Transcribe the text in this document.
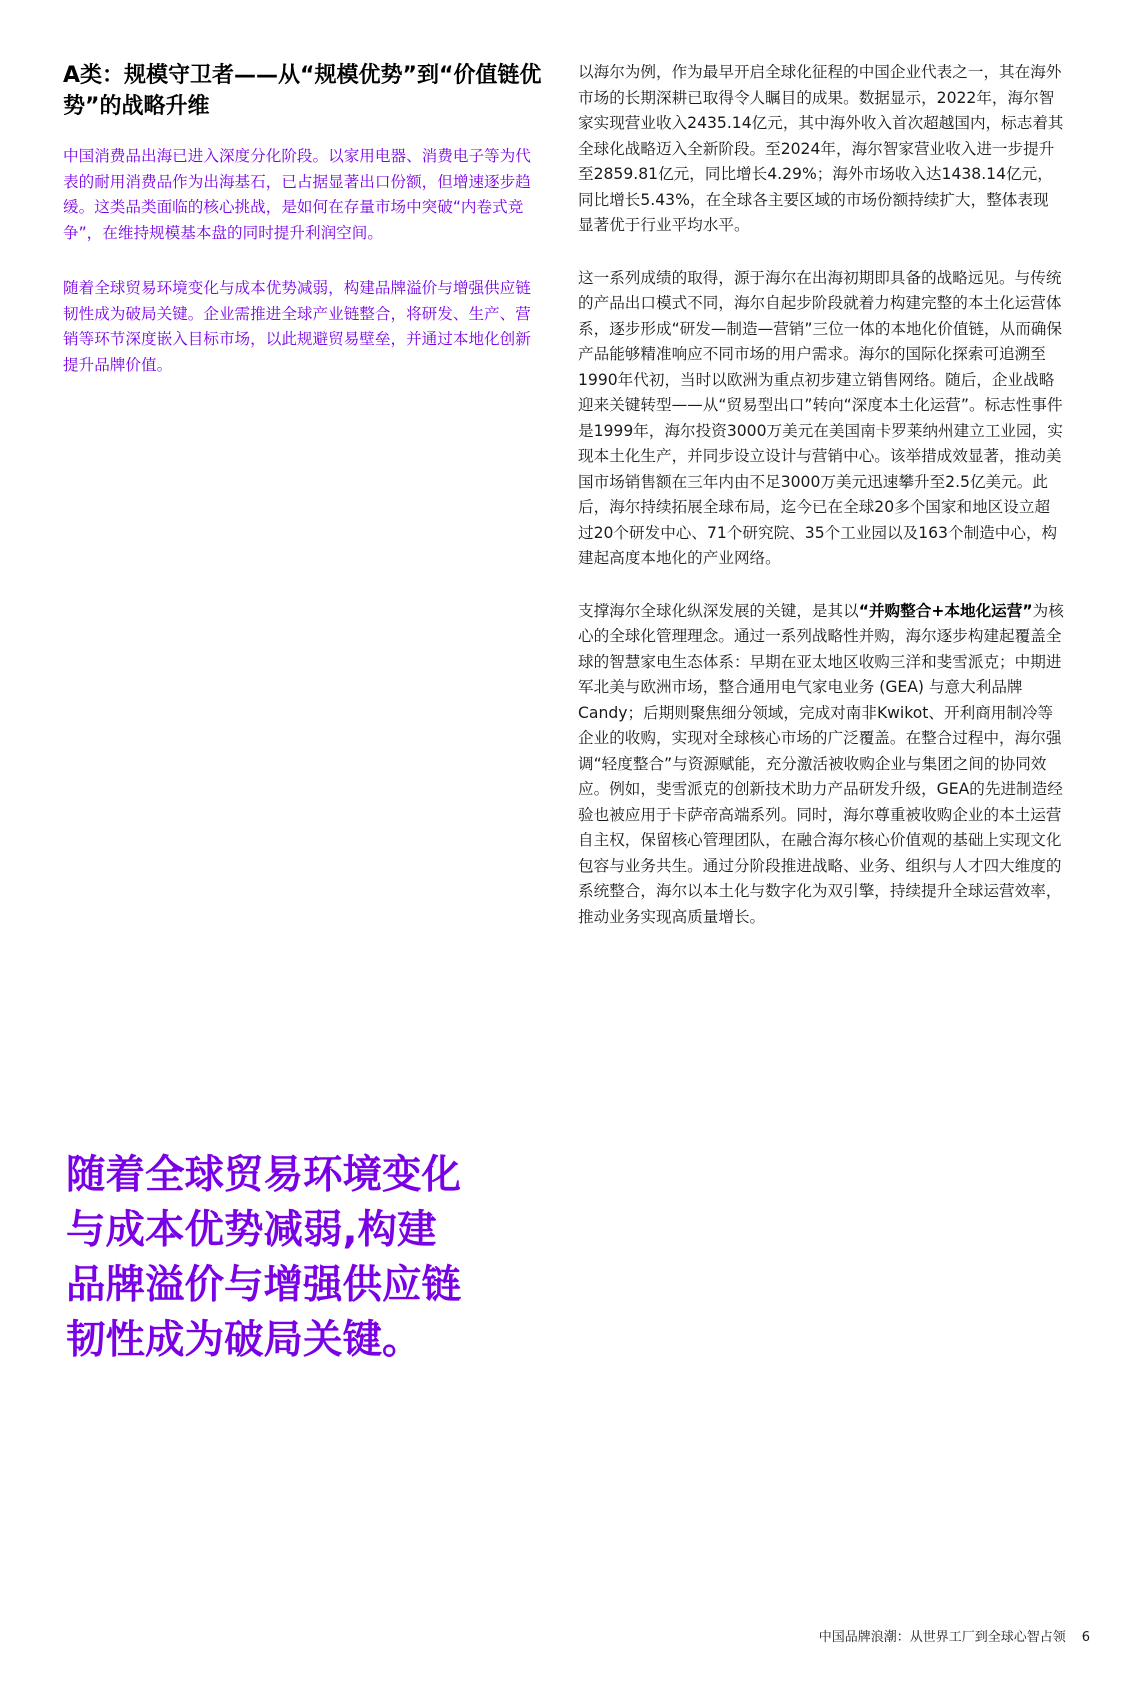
A类：规模守卫者——从“规模优势”到“价值链优势”的战略升维

中国消费品出海已进入深度分化阶段。以家用电器、消费电子等为代表的耐用消费品作为出海基石，已占据显著出口份额，但增速逐步趋缓。这类品类面临的核心挑战，是如何在存量市场中突破“内卷式竞争”，在维持规模基本盘的同时提升利润空间。

随着全球贸易环境变化与成本优势减弱，构建品牌溢价与增强供应链韧性成为破局关键。企业需推进全球产业链整合，将研发、生产、营销等环节深度嵌入目标市场，以此规避贸易壁垒，并通过本地化创新提升品牌价值。

以海尔为例，作为最早开启全球化征程的中国企业代表之一，其在海外市场的长期深耕已取得令人瞩目的成果。数据显示，2022年，海尔智家实现营业收入2435.14亿元，其中海外收入首次超越国内，标志着其全球化战略迈入全新阶段。至2024年，海尔智家营业收入进一步提升至2859.81亿元，同比增长4.29%；海外市场收入达1438.14亿元，同比增长5.43%，在全球各主要区域的市场份额持续扩大，整体表现显著优于行业平均水平。

这一系列成绩的取得，源于海尔在出海初期即具备的战略远见。与传统的产品出口模式不同，海尔自起步阶段就着力构建完整的本土化运营体系，逐步形成“研发—制造—营销”三位一体的本地化价值链，从而确保产品能够精准响应不同市场的用户需求。海尔的国际化探索可追溯至1990年代初，当时以欧洲为重点初步建立销售网络。随后，企业战略迎来关键转型——从“贸易型出口”转向“深度本土化运营”。标志性事件是1999年，海尔投资3000万美元在美国南卡罗莱纳州建立工业园，实现本土化生产，并同步设立设计与营销中心。该举措成效显著，推动美国市场销售额在三年内由不足3000万美元迅速攀升至2.5亿美元。此后，海尔持续拓展全球布局，迄今已在全球20多个国家和地区设立超过20个研发中心、71个研究院、35个工业园以及163个制造中心，构建起高度本地化的产业网络。

支撑海尔全球化纵深发展的关键，是其以“并购整合+本地化运营”为核心的全球化管理理念。通过一系列战略性并购，海尔逐步构建起覆盖全球的智慧家电生态体系：早期在亚太地区收购三洋和斐雪派克；中期进军北美与欧洲市场，整合通用电气家电业务 (GEA) 与意大利品牌Candy；后期则聚焦细分领域，完成对南非Kwikot、开利商用制冷等企业的收购，实现对全球核心市场的广泛覆盖。在整合过程中，海尔强调“轻度整合”与资源赋能，充分激活被收购企业与集团之间的协同效应。例如，斐雪派克的创新技术助力产品研发升级，GEA的先进制造经验也被应用于卡萨帝高端系列。同时，海尔尊重被收购企业的本土运营自主权，保留核心管理团队，在融合海尔核心价值观的基础上实现文化包容与业务共生。通过分阶段推进战略、业务、组织与人才四大维度的系统整合，海尔以本土化与数字化为双引擎，持续提升全球运营效率，推动业务实现高质量增长。

随着全球贸易环境变化与成本优势减弱,构建品牌溢价与增强供应链韧性成为破局关键。

中国品牌浪潮：从世界工厂到全球心智占领 6
